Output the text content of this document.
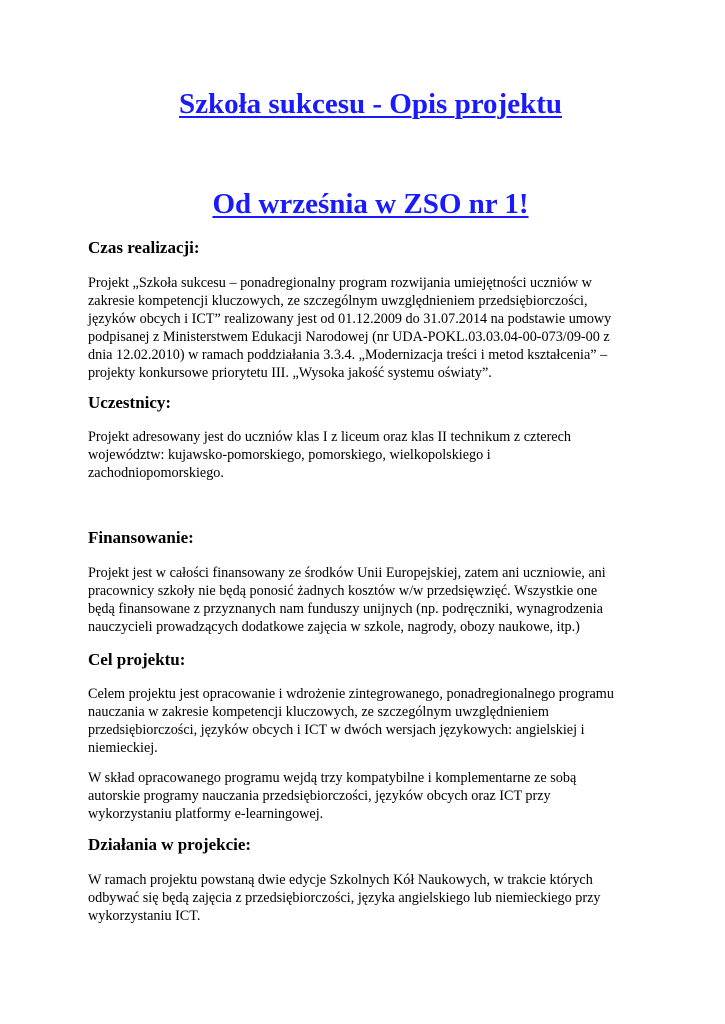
Szkoła sukcesu - Opis projektu
Od września w ZSO nr 1!
Czas realizacji:
Projekt „Szkoła sukcesu – ponadregionalny program rozwijania umiejętności uczniów w
zakresie kompetencji kluczowych, ze szczególnym uwzględnieniem przedsiębiorczości,
języków obcych i ICT” realizowany jest od 01.12.2009 do 31.07.2014 na podstawie umowy
podpisanej z Ministerstwem Edukacji Narodowej (nr UDA-POKL.03.03.04-00-073/09-00 z
dnia 12.02.2010) w ramach poddziałania 3.3.4. „Modernizacja treści i metod kształcenia” –
projekty konkursowe priorytetu III. „Wysoka jakość systemu oświaty”.
Uczestnicy:
Projekt adresowany jest do uczniów klas I z liceum oraz klas II technikum z czterech
województw: kujawsko-pomorskiego, pomorskiego, wielkopolskiego i
zachodniopomorskiego.
Finansowanie:
Projekt jest w całości finansowany ze środków Unii Europejskiej, zatem ani uczniowie, ani
pracownicy szkoły nie będą ponosić żadnych kosztów w/w przedsięwzięć. Wszystkie one
będą finansowane z przyznanych nam funduszy unijnych (np. podręczniki, wynagrodzenia
nauczycieli prowadzących dodatkowe zajęcia w szkole, nagrody, obozy naukowe, itp.)
Cel projektu:
Celem projektu jest opracowanie i wdrożenie zintegrowanego, ponadregionalnego programu
nauczania w zakresie kompetencji kluczowych, ze szczególnym uwzględnieniem
przedsiębiorczości, języków obcych i ICT w dwóch wersjach językowych: angielskiej i
niemieckiej.
W skład opracowanego programu wejdą trzy kompatybilne i komplementarne ze sobą
autorskie programy nauczania przedsiębiorczości, języków obcych oraz ICT przy
wykorzystaniu platformy e-learningowej.
Działania w projekcie:
W ramach projektu powstaną dwie edycje Szkolnych Kół Naukowych, w trakcie których
odbywać się będą zajęcia z przedsiębiorczości, języka angielskiego lub niemieckiego przy
wykorzystaniu ICT.
